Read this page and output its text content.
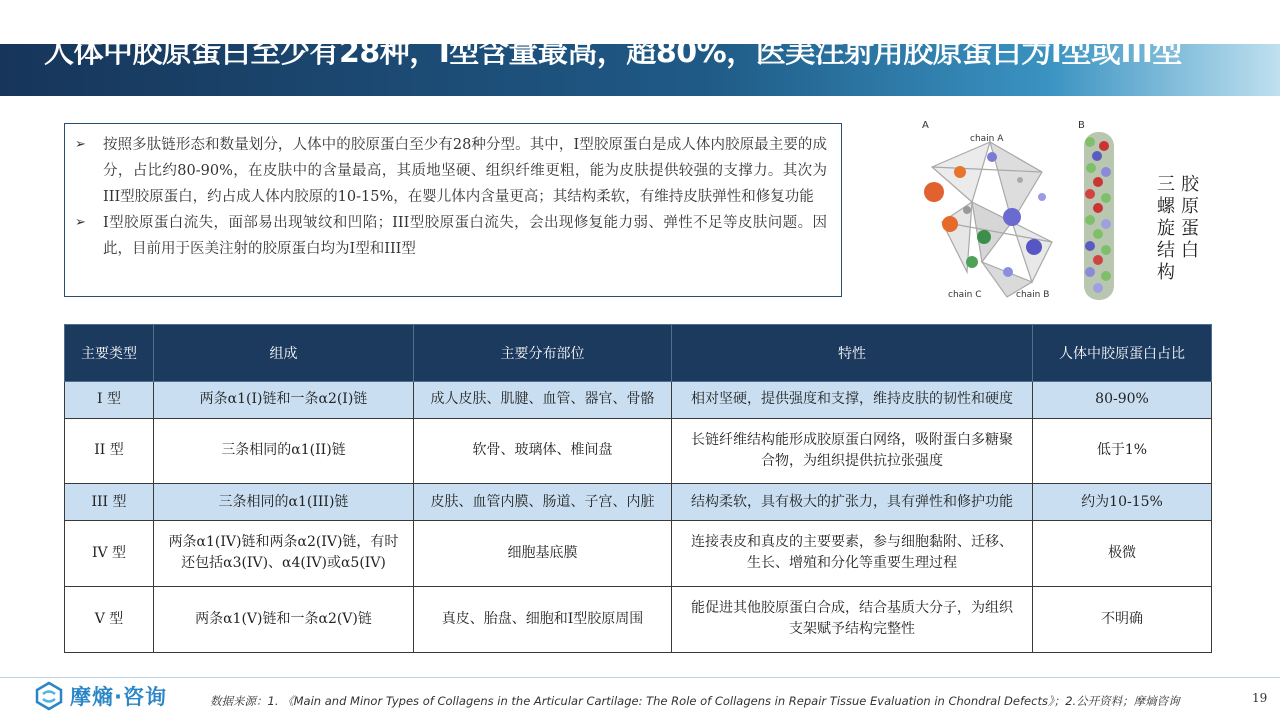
人体中胶原蛋白至少有28种，I型含量最高，超80%，医美注射用胶原蛋白为I型或III型
➢	按照多肽链形态和数量划分，人体中的胶原蛋白至少有28种分型。其中，I型胶原蛋白是成人体内胶原最主要的成分，占比约80-90%，在皮肤中的含量最高，其质地坚硬、组织纤维更粗，能为皮肤提供较强的支撑力。其次为III型胶原蛋白，约占成人体内胶原的10-15%，在婴儿体内含量更高；其结构柔软，有维持皮肤弹性和修复功能
➢	I型胶原蛋白流失，面部易出现皱纹和凹陷；III型胶原蛋白流失，会出现修复能力弱、弹性不足等皮肤问题。因此，目前用于医美注射的胶原蛋白均为I型和III型
A
chain A
chain C	chain B
B
三螺旋结构
胶原蛋白
主要类型	组成	主要分布部位	特性	人体中胶原蛋白占比
I 型	两条α1(I)链和一条α2(I)链	成人皮肤、肌腱、血管、器官、骨骼	相对坚硬，提供强度和支撑，维持皮肤的韧性和硬度	80-90%
II 型	三条相同的α1(II)链	软骨、玻璃体、椎间盘	长链纤维结构能形成胶原蛋白网络，吸附蛋白多糖聚合物，为组织提供抗拉张强度	低于1%
III 型	三条相同的α1(III)链	皮肤、血管内膜、肠道、子宫、内脏	结构柔软，具有极大的扩张力，具有弹性和修护功能	约为10-15%
IV 型	两条α1(IV)链和两条α2(IV)链，有时还包括α3(IV)、α4(IV)或α5(IV)	细胞基底膜	连接表皮和真皮的主要要素，参与细胞黏附、迁移、生长、增殖和分化等重要生理过程	极微
V 型	两条α1(V)链和一条α2(V)链	真皮、胎盘、细胞和I型胶原周围	能促进其他胶原蛋白合成，结合基质大分子，为组织支架赋予结构完整性	不明确
摩熵·咨询	数据来源：1. 《Main and Minor Types of Collagens in the Articular Cartilage: The Role of Collagens in Repair Tissue Evaluation in Chondral Defects》；2.公开资料；摩熵咨询	19
